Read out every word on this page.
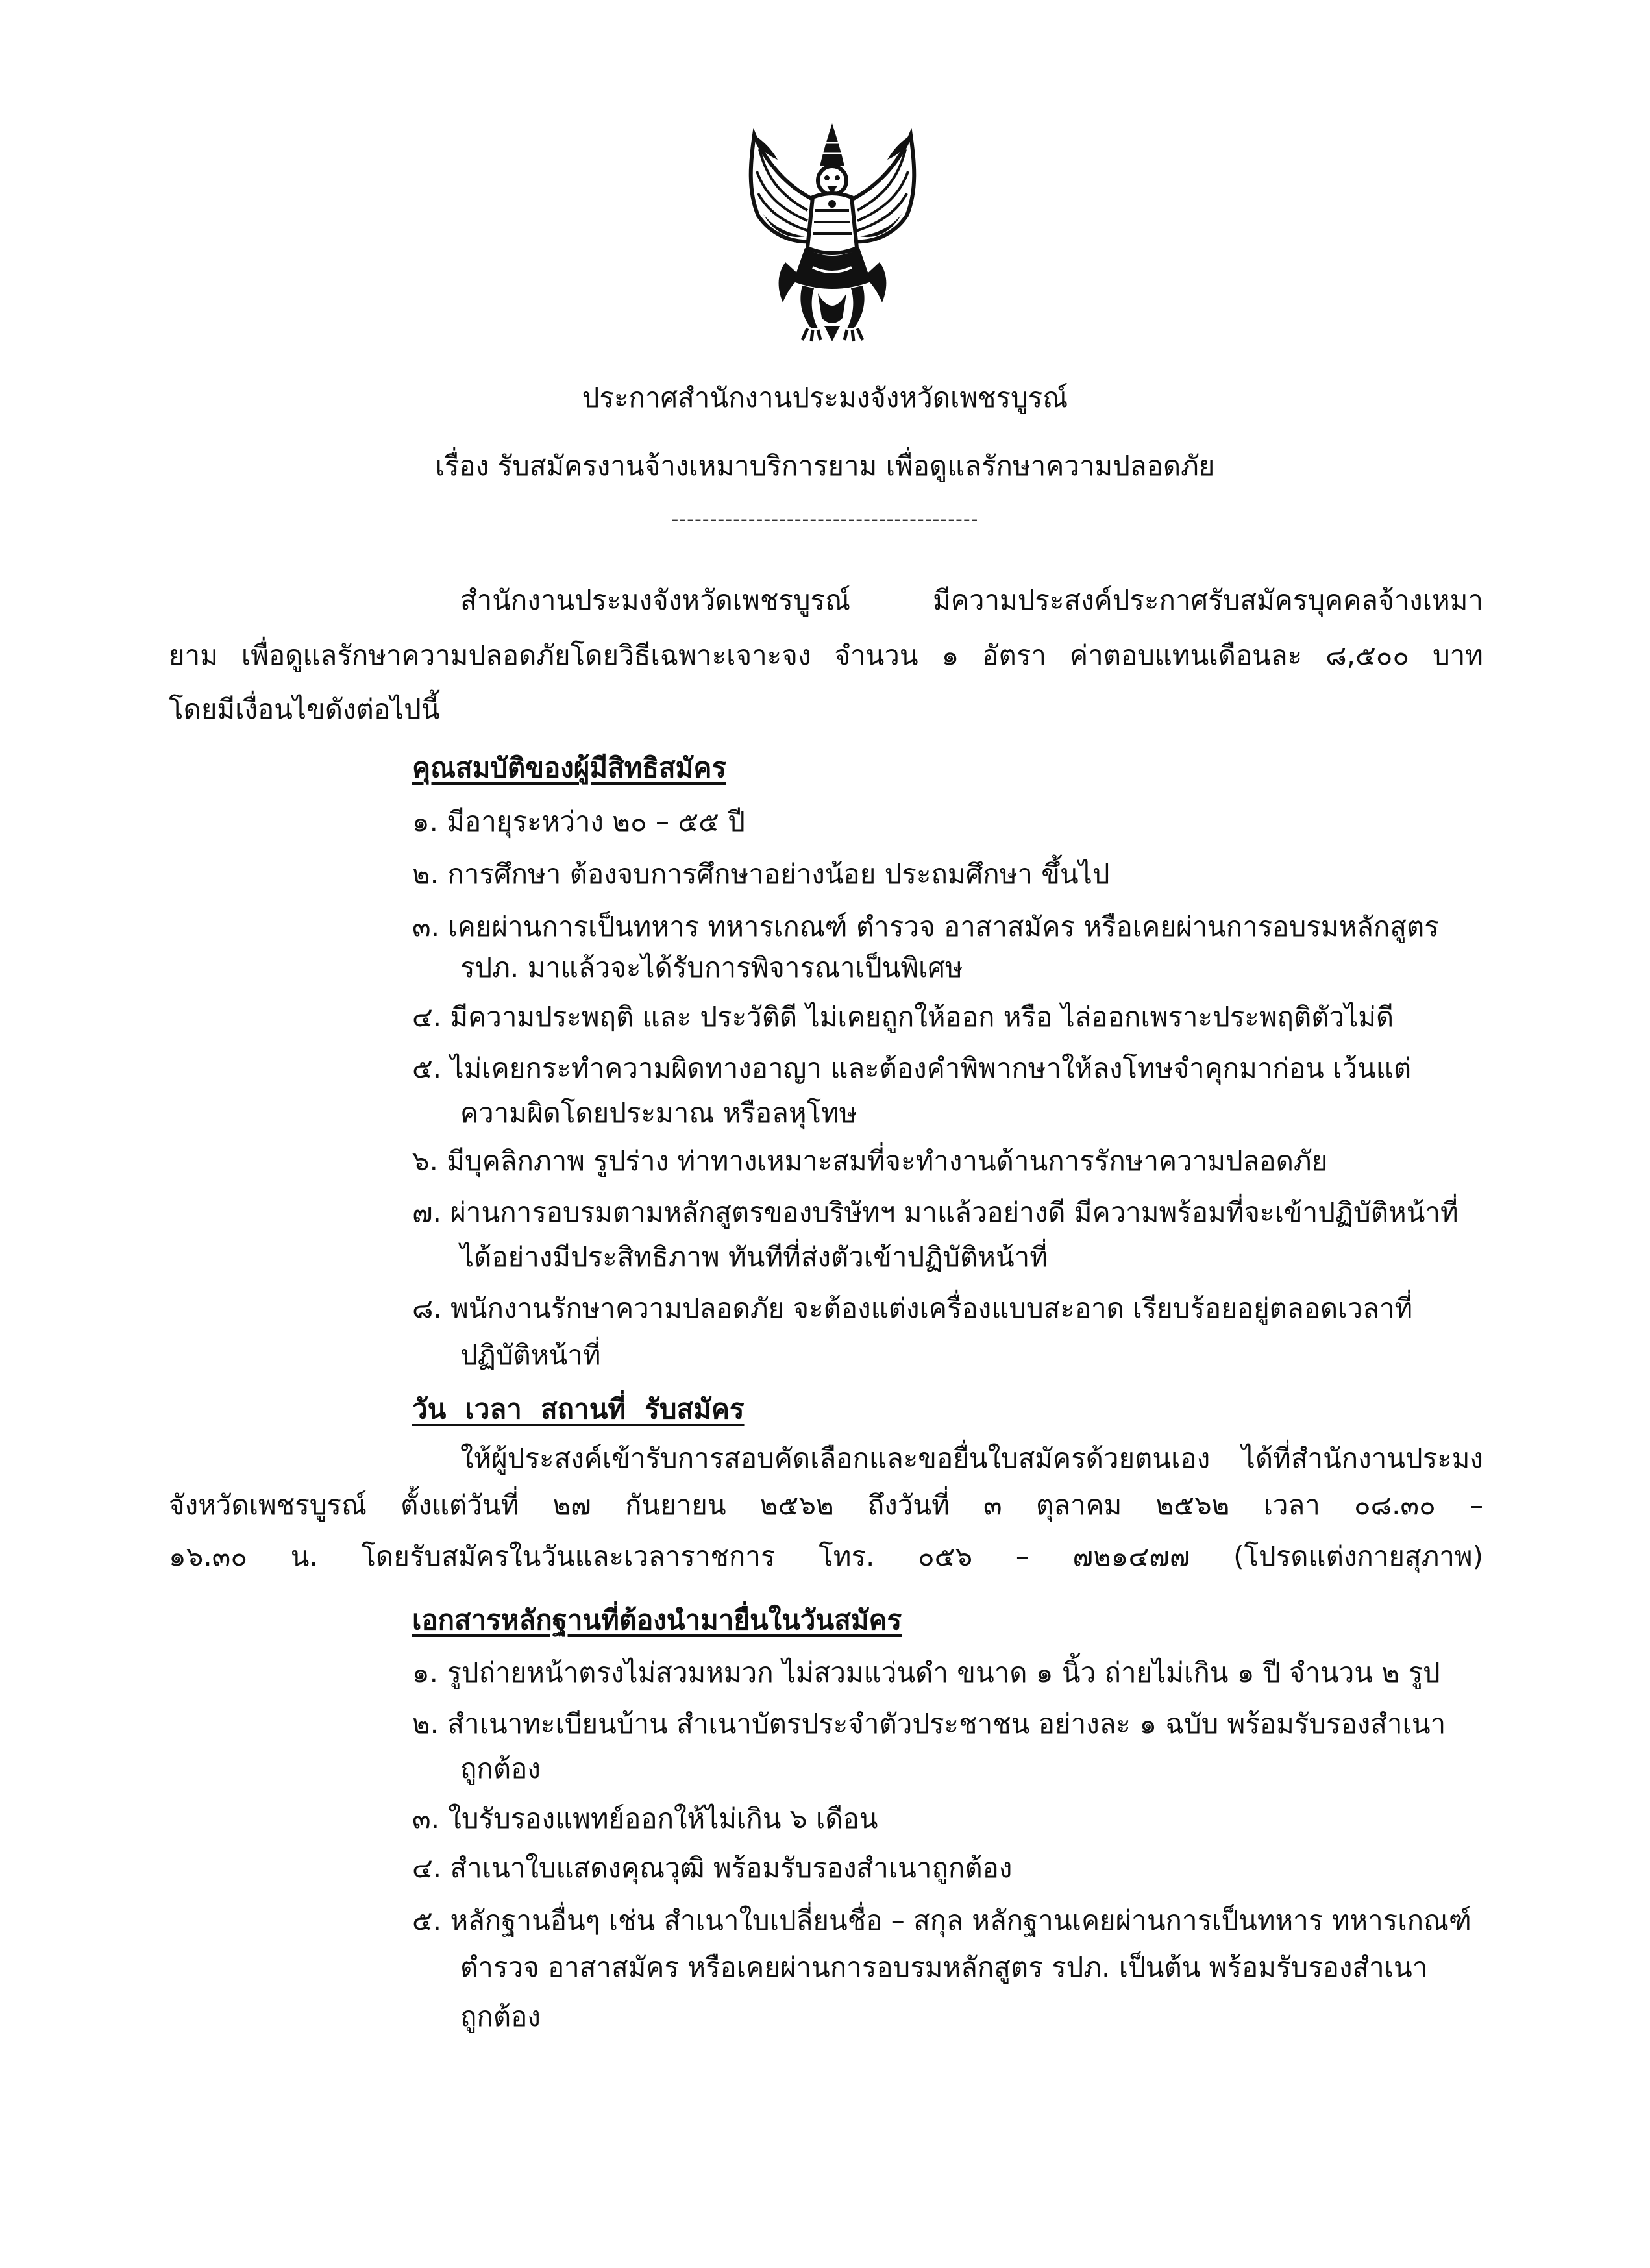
ประกาศสำนักงานประมงจังหวัดเพชรบูรณ์
เรื่อง รับสมัครงานจ้างเหมาบริการยาม เพื่อดูแลรักษาความปลอดภัย
----------------------------------------
สำนักงานประมงจังหวัดเพชรบูรณ์ มีความประสงค์ประกาศรับสมัครบุคคลจ้างเหมา
ยาม เพื่อดูแลรักษาความปลอดภัยโดยวิธีเฉพาะเจาะจง จำนวน ๑ อัตรา ค่าตอบแทนเดือนละ ๘,๕๐๐ บาท
โดยมีเงื่อนไขดังต่อไปนี้
คุณสมบัติของผู้มีสิทธิสมัคร
๑. มีอายุระหว่าง ๒๐ – ๕๕ ปี
๒. การศึกษา ต้องจบการศึกษาอย่างน้อย ประถมศึกษา ขึ้นไป
๓. เคยผ่านการเป็นทหาร ทหารเกณฑ์ ตำรวจ อาสาสมัคร หรือเคยผ่านการอบรมหลักสูตร
รปภ. มาแล้วจะได้รับการพิจารณาเป็นพิเศษ
๔. มีความประพฤติ และ ประวัติดี ไม่เคยถูกให้ออก หรือ ไล่ออกเพราะประพฤติตัวไม่ดี
๕. ไม่เคยกระทำความผิดทางอาญา และต้องคำพิพากษาให้ลงโทษจำคุกมาก่อน เว้นแต่
ความผิดโดยประมาณ หรือลหุโทษ
๖. มีบุคลิกภาพ รูปร่าง ท่าทางเหมาะสมที่จะทำงานด้านการรักษาความปลอดภัย
๗. ผ่านการอบรมตามหลักสูตรของบริษัทฯ มาแล้วอย่างดี มีความพร้อมที่จะเข้าปฏิบัติหน้าที่
ได้อย่างมีประสิทธิภาพ ทันทีที่ส่งตัวเข้าปฏิบัติหน้าที่
๘. พนักงานรักษาความปลอดภัย จะต้องแต่งเครื่องแบบสะอาด เรียบร้อยอยู่ตลอดเวลาที่
ปฏิบัติหน้าที่
วัน  เวลา  สถานที่  รับสมัคร
ให้ผู้ประสงค์เข้ารับการสอบคัดเลือกและขอยื่นใบสมัครด้วยตนเอง ได้ที่สำนักงานประมง
จังหวัดเพชรบูรณ์ ตั้งแต่วันที่ ๒๗ กันยายน ๒๕๖๒ ถึงวันที่ ๓ ตุลาคม ๒๕๖๒ เวลา ๐๘.๓๐ –
๑๖.๓๐ น. โดยรับสมัครในวันและเวลาราชการ โทร. ๐๕๖ – ๗๒๑๔๗๗ (โปรดแต่งกายสุภาพ)
เอกสารหลักฐานที่ต้องนำมายื่นในวันสมัคร
๑. รูปถ่ายหน้าตรงไม่สวมหมวก ไม่สวมแว่นดำ ขนาด ๑ นิ้ว ถ่ายไม่เกิน ๑ ปี จำนวน ๒ รูป
๒. สำเนาทะเบียนบ้าน สำเนาบัตรประจำตัวประชาชน อย่างละ ๑ ฉบับ พร้อมรับรองสำเนา
ถูกต้อง
๓. ใบรับรองแพทย์ออกให้ไม่เกิน ๖ เดือน
๔. สำเนาใบแสดงคุณวุฒิ พร้อมรับรองสำเนาถูกต้อง
๕. หลักฐานอื่นๆ เช่น สำเนาใบเปลี่ยนชื่อ – สกุล หลักฐานเคยผ่านการเป็นทหาร ทหารเกณฑ์
ตำรวจ อาสาสมัคร หรือเคยผ่านการอบรมหลักสูตร รปภ. เป็นต้น พร้อมรับรองสำเนา
ถูกต้อง
